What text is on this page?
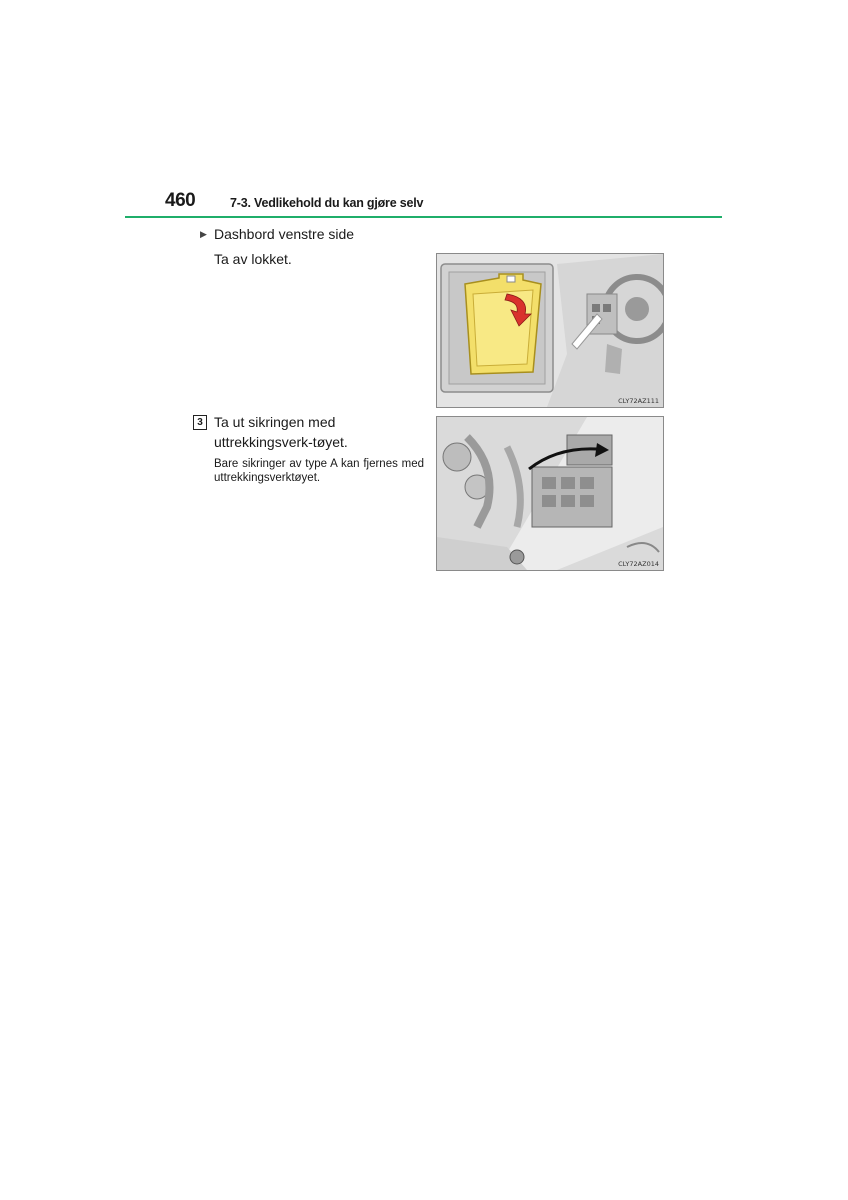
460	7-3. Vedlikehold du kan gjøre selv
▶ Dashbord venstre side
Ta av lokket.
3 Ta ut sikringen med uttrekkingsverk-tøyet.
Bare sikringer av type A kan fjernes med uttrekkingsverktøyet.
CLY72AZ111
CLY72AZ014
